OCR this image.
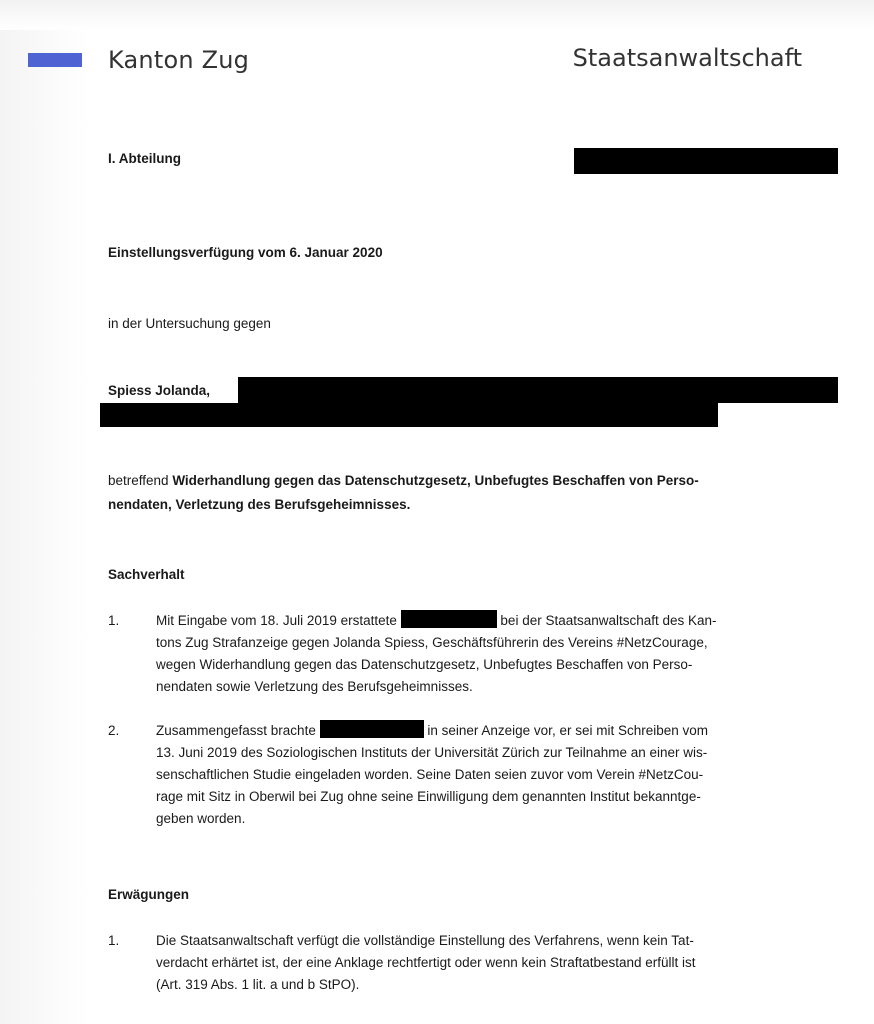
Kanton Zug	Staatsanwaltschaft
I. Abteilung
Einstellungsverfügung vom 6. Januar 2020
in der Untersuchung gegen
Spiess Jolanda,
betreffend Widerhandlung gegen das Datenschutzgesetz, Unbefugtes Beschaffen von Perso-
nendaten, Verletzung des Berufsgeheimnisses.
Sachverhalt
1.	Mit Eingabe vom 18. Juli 2019 erstattete	bei der Staatsanwaltschaft des Kan-
tons Zug Strafanzeige gegen Jolanda Spiess, Geschäftsführerin des Vereins #NetzCourage,
wegen Widerhandlung gegen das Datenschutzgesetz, Unbefugtes Beschaffen von Perso-
nendaten sowie Verletzung des Berufsgeheimnisses.
2.	Zusammengefasst brachte	in seiner Anzeige vor, er sei mit Schreiben vom
13. Juni 2019 des Soziologischen Instituts der Universität Zürich zur Teilnahme an einer wis-
senschaftlichen Studie eingeladen worden. Seine Daten seien zuvor vom Verein #NetzCou-
rage mit Sitz in Oberwil bei Zug ohne seine Einwilligung dem genannten Institut bekanntge-
geben worden.
Erwägungen
1.	Die Staatsanwaltschaft verfügt die vollständige Einstellung des Verfahrens, wenn kein Tat-
verdacht erhärtet ist, der eine Anklage rechtfertigt oder wenn kein Straftatbestand erfüllt ist
(Art. 319 Abs. 1 lit. a und b StPO).
